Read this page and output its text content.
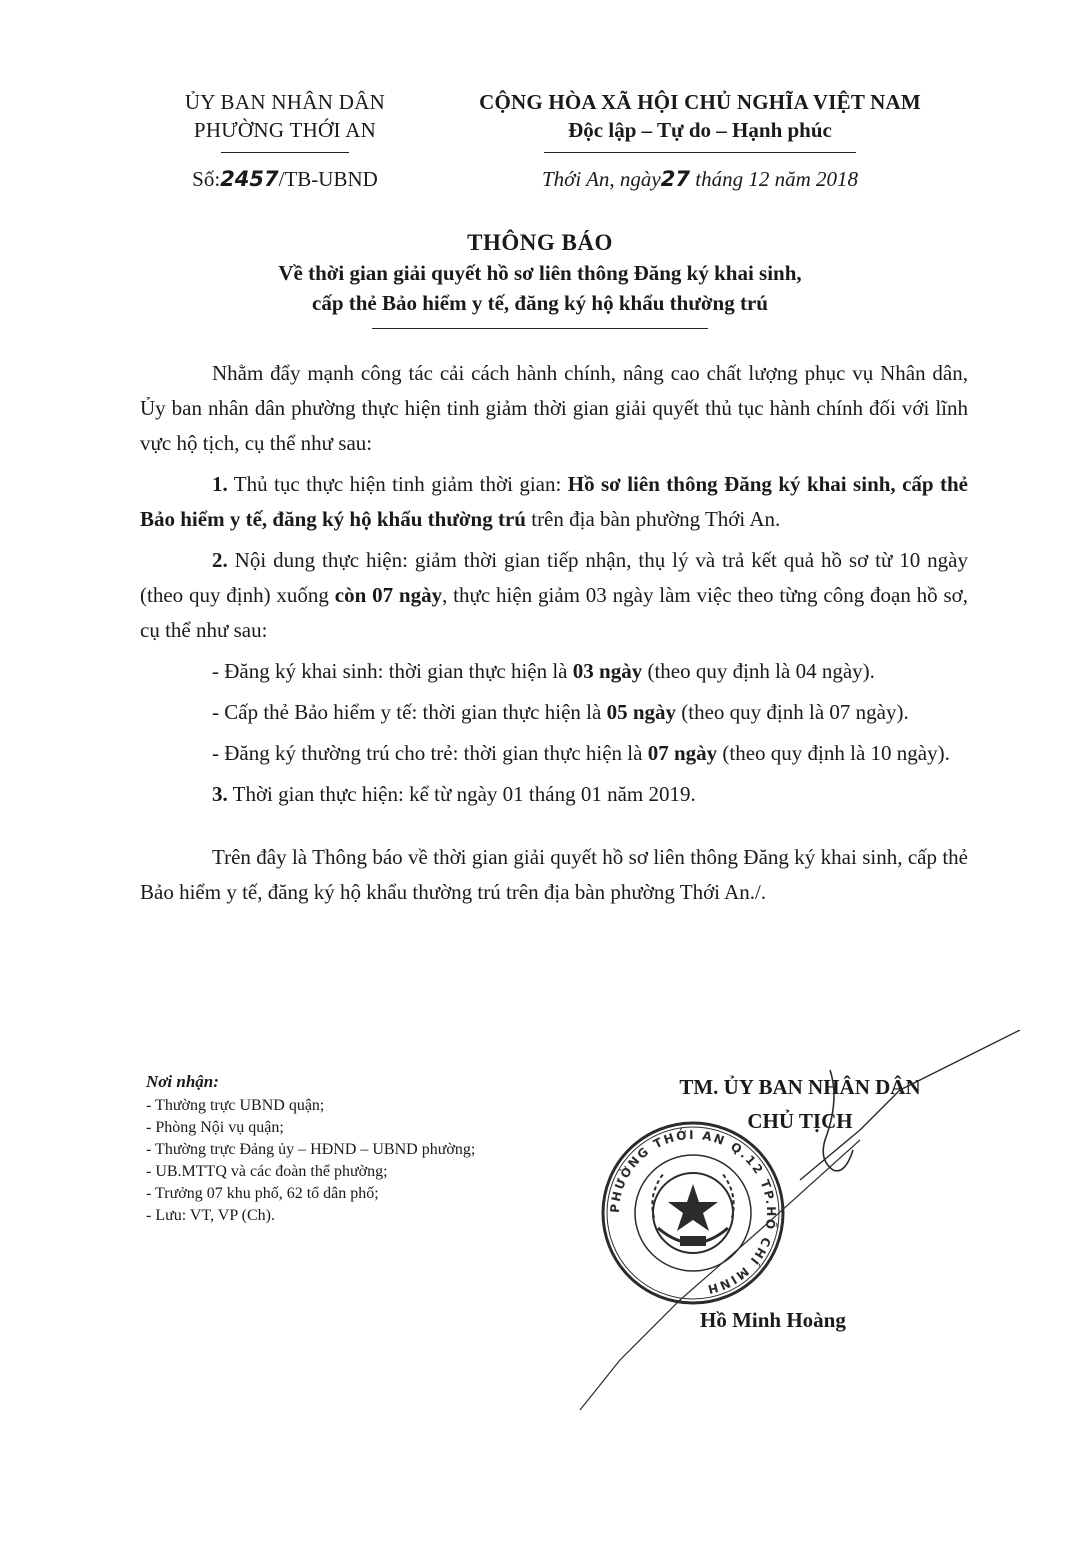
ỦY BAN NHÂN DÂN
PHƯỜNG THỚI AN
Số:2457/TB-UBND
CỘNG HÒA XÃ HỘI CHỦ NGHĨA VIỆT NAM
Độc lập – Tự do – Hạnh phúc
Thới An, ngày27 tháng 12 năm 2018
THÔNG BÁO
Về thời gian giải quyết hồ sơ liên thông Đăng ký khai sinh,
cấp thẻ Bảo hiểm y tế, đăng ký hộ khẩu thường trú

Nhằm đẩy mạnh công tác cải cách hành chính, nâng cao chất lượng phục vụ Nhân dân, Ủy ban nhân dân phường thực hiện tinh giảm thời gian giải quyết thủ tục hành chính đối với lĩnh vực hộ tịch, cụ thể như sau:

1. Thủ tục thực hiện tinh giảm thời gian: Hồ sơ liên thông Đăng ký khai sinh, cấp thẻ Bảo hiểm y tế, đăng ký hộ khẩu thường trú trên địa bàn phường Thới An.

2. Nội dung thực hiện: giảm thời gian tiếp nhận, thụ lý và trả kết quả hồ sơ từ 10 ngày (theo quy định) xuống còn 07 ngày, thực hiện giảm 03 ngày làm việc theo từng công đoạn hồ sơ, cụ thể như sau:

- Đăng ký khai sinh: thời gian thực hiện là 03 ngày (theo quy định là 04 ngày).

- Cấp thẻ Bảo hiểm y tế: thời gian thực hiện là 05 ngày (theo quy định là 07 ngày).

- Đăng ký thường trú cho trẻ: thời gian thực hiện là 07 ngày (theo quy định là 10 ngày).

3. Thời gian thực hiện: kể từ ngày 01 tháng 01 năm 2019.

Trên đây là Thông báo về thời gian giải quyết hồ sơ liên thông Đăng ký khai sinh, cấp thẻ Bảo hiểm y tế, đăng ký hộ khẩu thường trú trên địa bàn phường Thới An./.

Nơi nhận:
- Thường trực UBND quận;
- Phòng Nội vụ quận;
- Thường trực Đảng ủy – HĐND – UBND phường;
- UB.MTTQ và các đoàn thể phường;
- Trưởng 07 khu phố, 62 tổ dân phố;
- Lưu: VT, VP (Ch).
TM. ỦY BAN NHÂN DÂN
CHỦ TỊCH
PHƯỜNG THỚI AN Q.12 TP.HỒ CHÍ MINH
Hồ Minh Hoàng
